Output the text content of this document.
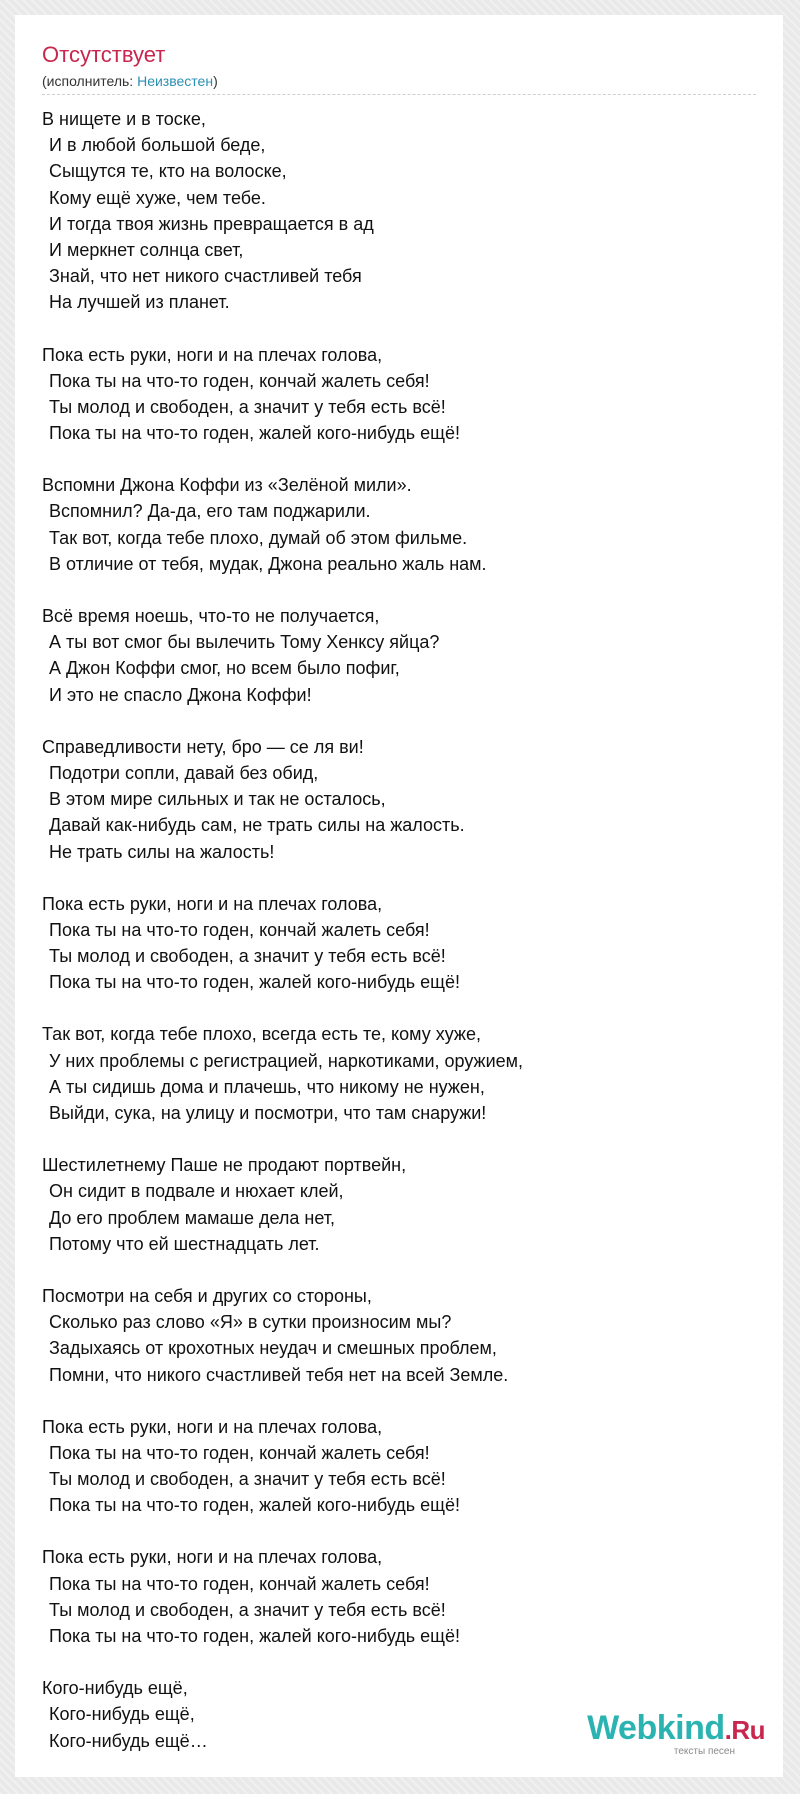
Отсутствует
(исполнитель: Неизвестен)
В нищете и в тоске,
И в любой большой беде,
Сыщутся те, кто на волоске,
Кому ещё хуже, чем тебе.
И тогда твоя жизнь превращается в ад
И меркнет солнца свет,
Знай, что нет никого счастливей тебя
На лучшей из планет.
Пока есть руки, ноги и на плечах голова,
Пока ты на что-то годен, кончай жалеть себя!
Ты молод и свободен, а значит у тебя есть всё!
Пока ты на что-то годен, жалей кого-нибудь ещё!
Вспомни Джона Коффи из «Зелёной мили».
Вспомнил? Да-да, его там поджарили.
Так вот, когда тебе плохо, думай об этом фильме.
В отличие от тебя, мудак, Джона реально жаль нам.
Всё время ноешь, что-то не получается,
А ты вот смог бы вылечить Тому Хенксу яйца?
А Джон Коффи смог, но всем было пофиг,
И это не спасло Джона Коффи!
Справедливости нету, бро — се ля ви!
Подотри сопли, давай без обид,
В этом мире сильных и так не осталось,
Давай как-нибудь сам, не трать силы на жалость.
Не трать силы на жалость!
Пока есть руки, ноги и на плечах голова,
Пока ты на что-то годен, кончай жалеть себя!
Ты молод и свободен, а значит у тебя есть всё!
Пока ты на что-то годен, жалей кого-нибудь ещё!
Так вот, когда тебе плохо, всегда есть те, кому хуже,
У них проблемы с регистрацией, наркотиками, оружием,
А ты сидишь дома и плачешь, что никому не нужен,
Выйди, сука, на улицу и посмотри, что там снаружи!
Шестилетнему Паше не продают портвейн,
Он сидит в подвале и нюхает клей,
До его проблем мамаше дела нет,
Потому что ей шестнадцать лет.
Посмотри на себя и других со стороны,
Сколько раз слово «Я» в сутки произносим мы?
Задыхаясь от крохотных неудач и смешных проблем,
Помни, что никого счастливей тебя нет на всей Земле.
Пока есть руки, ноги и на плечах голова,
Пока ты на что-то годен, кончай жалеть себя!
Ты молод и свободен, а значит у тебя есть всё!
Пока ты на что-то годен, жалей кого-нибудь ещё!
Пока есть руки, ноги и на плечах голова,
Пока ты на что-то годен, кончай жалеть себя!
Ты молод и свободен, а значит у тебя есть всё!
Пока ты на что-то годен, жалей кого-нибудь ещё!
Кого-нибудь ещё,
Кого-нибудь ещё,
Кого-нибудь ещё…	Webkind.Ru
тексты песен
